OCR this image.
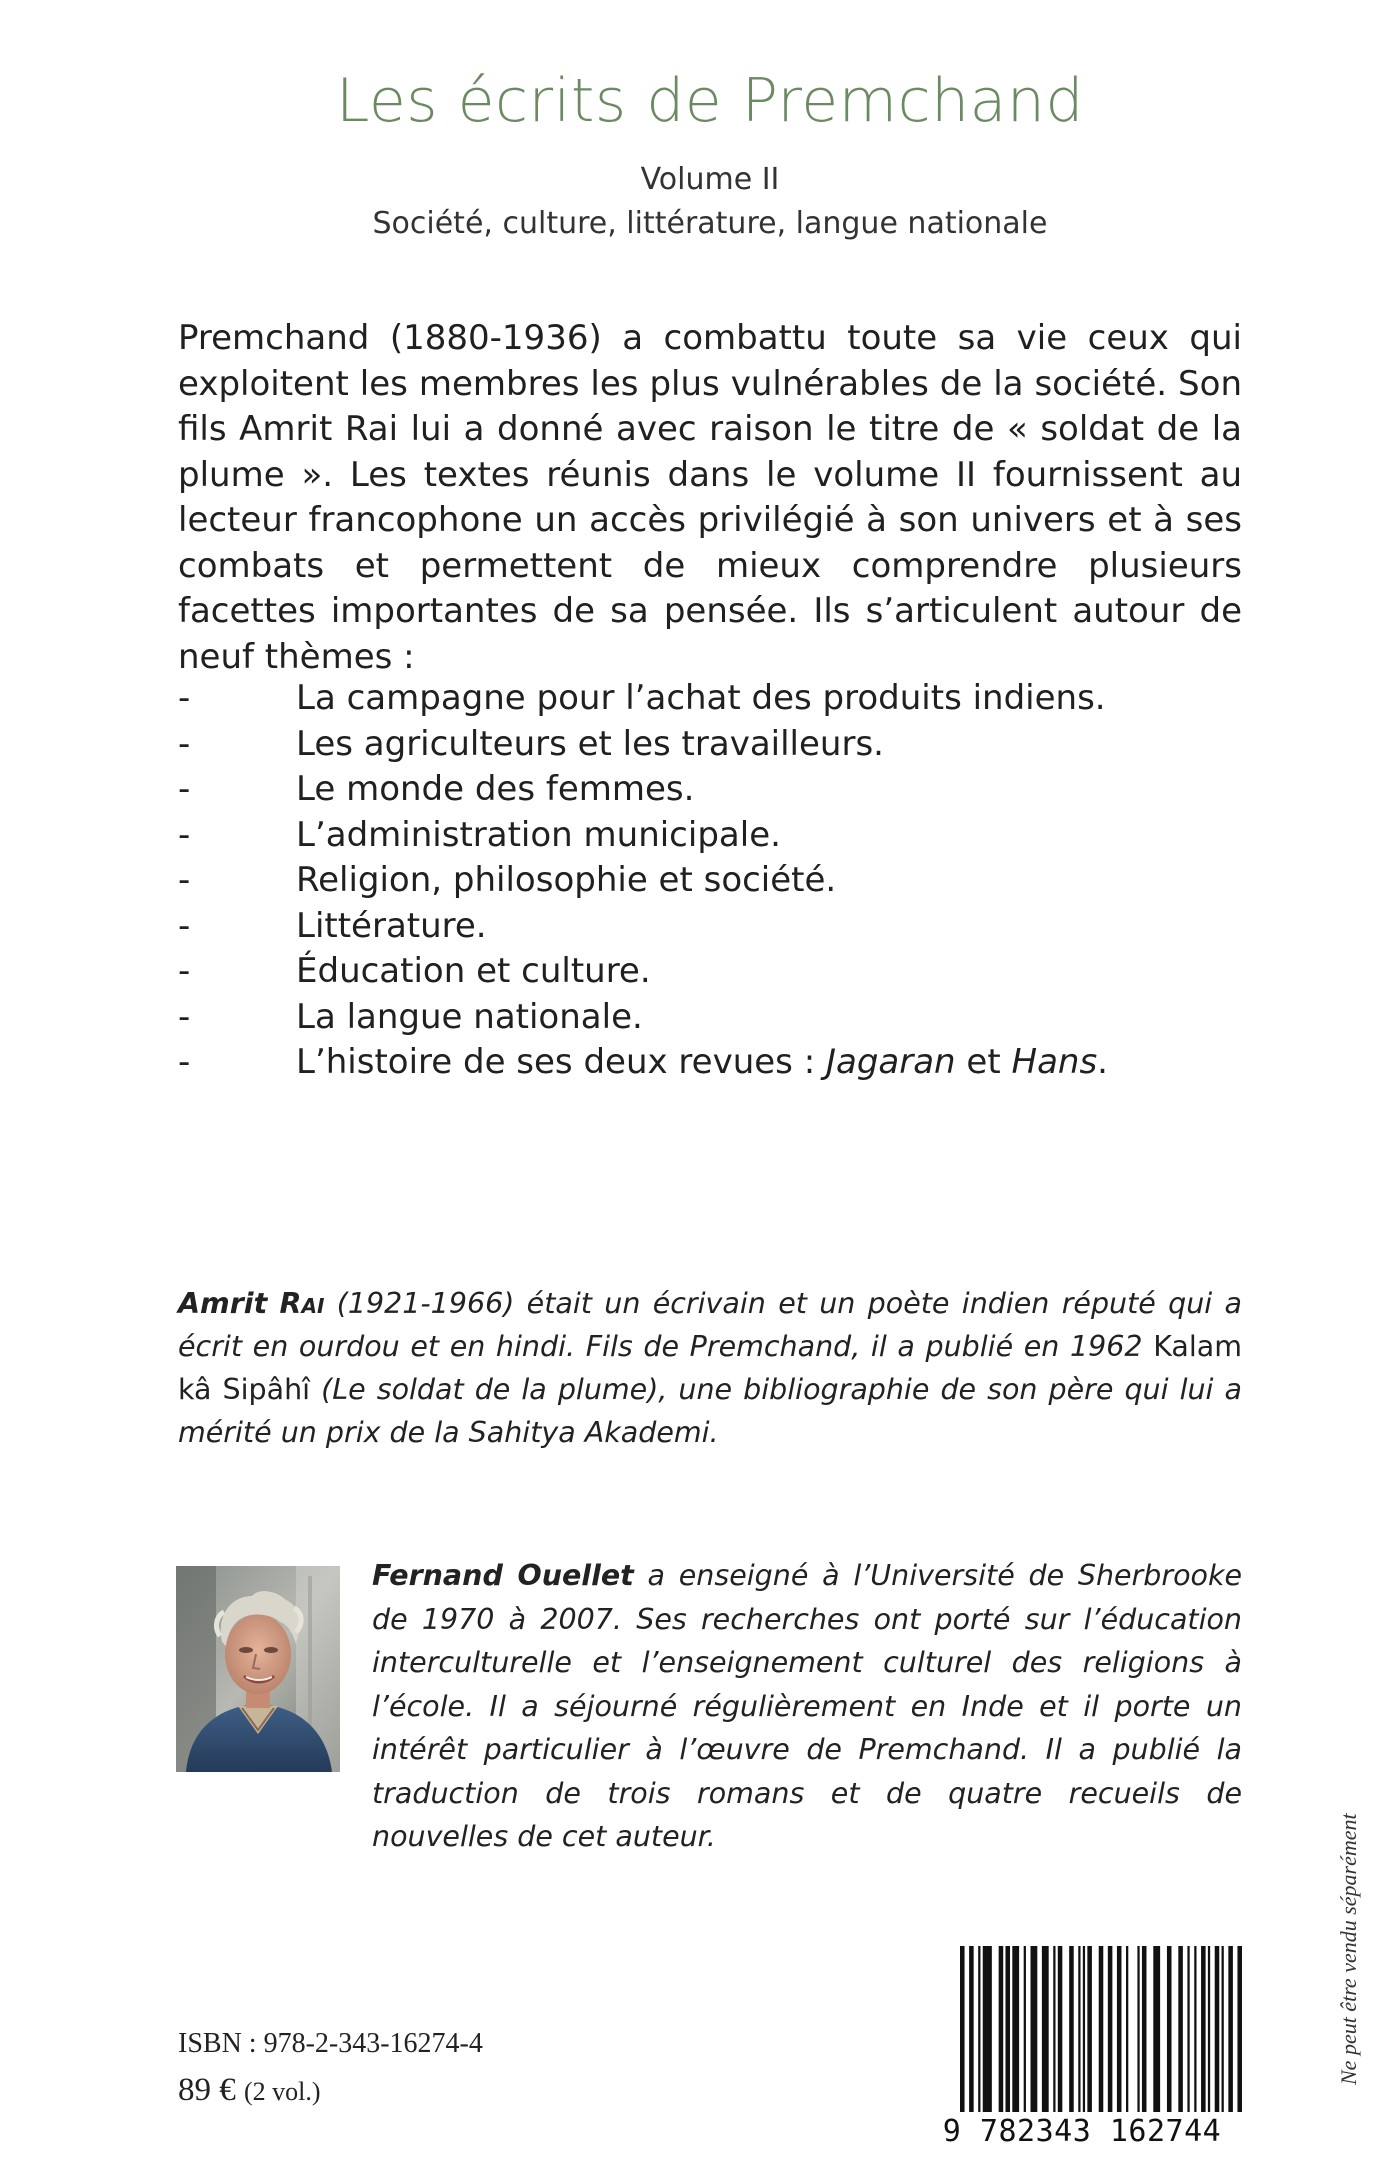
Les écrits de Premchand

Volume II

Société, culture, littérature, langue nationale

Premchand (1880-1936) a combattu toute sa vie ceux qui exploitent les membres les plus vulnérables de la société. Son fils Amrit Rai lui a donné avec raison le titre de « soldat de la plume ». Les textes réunis dans le volume II fournissent au lecteur francophone un accès privilégié à son univers et à ses combats et permettent de mieux comprendre plusieurs facettes importantes de sa pensée. Ils s’articulent autour de neuf thèmes :

-	La campagne pour l’achat des produits indiens.
-	Les agriculteurs et les travailleurs.
-	Le monde des femmes.
-	L’administration municipale.
-	Religion, philosophie et société.
-	Littérature.
-	Éducation et culture.
-	La langue nationale.
-	L’histoire de ses deux revues : Jagaran et Hans.

Amrit Rai (1921-1966) était un écrivain et un poète indien réputé qui a écrit en ourdou et en hindi. Fils de Premchand, il a publié en 1962 Kalam kâ Sipâhî (Le soldat de la plume), une bibliographie de son père qui lui a mérité un prix de la Sahitya Akademi.

Fernand Ouellet a enseigné à l’Université de Sherbrooke de 1970 à 2007. Ses recherches ont porté sur l’éducation interculturelle et l’enseignement culturel des religions à l’école. Il a séjourné régulièrement en Inde et il porte un intérêt particulier à l’œuvre de Premchand. Il a publié la traduction de trois romans et de quatre recueils de nouvelles de cet auteur.	Ne peut être vendu séparément

ISBN : 978-2-343-16274-4

89 € (2 vol.)

9 782343 162744
